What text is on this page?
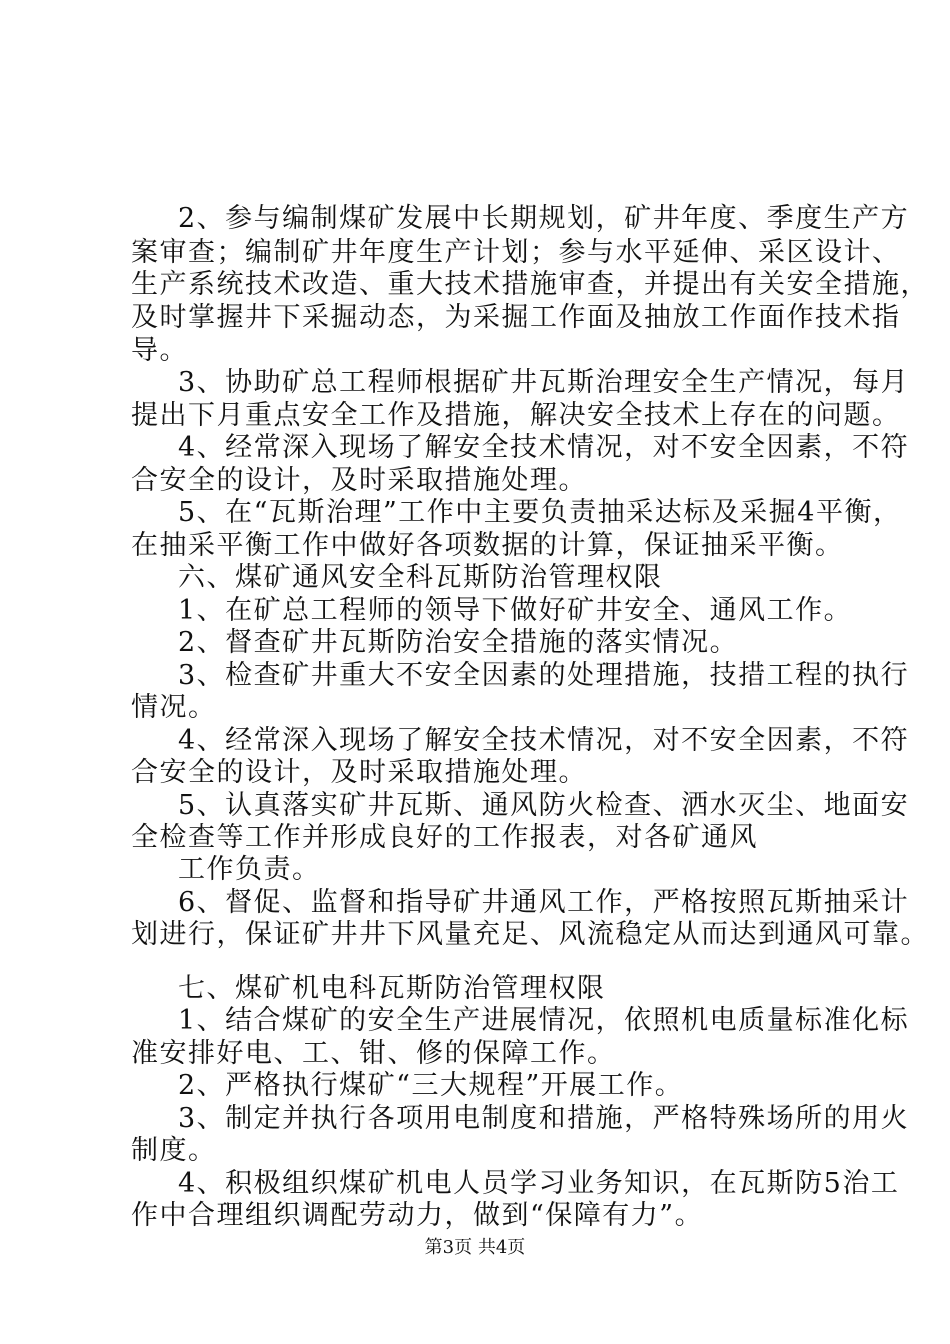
2、参与编制煤矿发展中长期规划，矿井年度、季度生产方
案审查；编制矿井年度生产计划；参与水平延伸、采区设计、
生产系统技术改造、重大技术措施审查，并提出有关安全措施，
及时掌握井下采掘动态，为采掘工作面及抽放工作面作技术指
导。
3、协助矿总工程师根据矿井瓦斯治理安全生产情况，每月
提出下月重点安全工作及措施，解决安全技术上存在的问题。
4、经常深入现场了解安全技术情况，对不安全因素，不符
合安全的设计，及时采取措施处理。
5、在“瓦斯治理”工作中主要负责抽采达标及采掘4平衡，
在抽采平衡工作中做好各项数据的计算，保证抽采平衡。
六、煤矿通风安全科瓦斯防治管理权限
1、在矿总工程师的领导下做好矿井安全、通风工作。
2、督查矿井瓦斯防治安全措施的落实情况。
3、检查矿井重大不安全因素的处理措施，技措工程的执行
情况。
4、经常深入现场了解安全技术情况，对不安全因素，不符
合安全的设计，及时采取措施处理。
5、认真落实矿井瓦斯、通风防火检查、洒水灭尘、地面安
全检查等工作并形成良好的工作报表，对各矿通风
工作负责。
6、督促、监督和指导矿井通风工作，严格按照瓦斯抽采计
划进行，保证矿井井下风量充足、风流稳定从而达到通风可靠。
七、煤矿机电科瓦斯防治管理权限
1、结合煤矿的安全生产进展情况，依照机电质量标准化标
准安排好电、工、钳、修的保障工作。
2、严格执行煤矿“三大规程”开展工作。
3、制定并执行各项用电制度和措施，严格特殊场所的用火
制度。
4、积极组织煤矿机电人员学习业务知识，在瓦斯防5治工
作中合理组织调配劳动力，做到“保障有力”。
第3页 共4页
